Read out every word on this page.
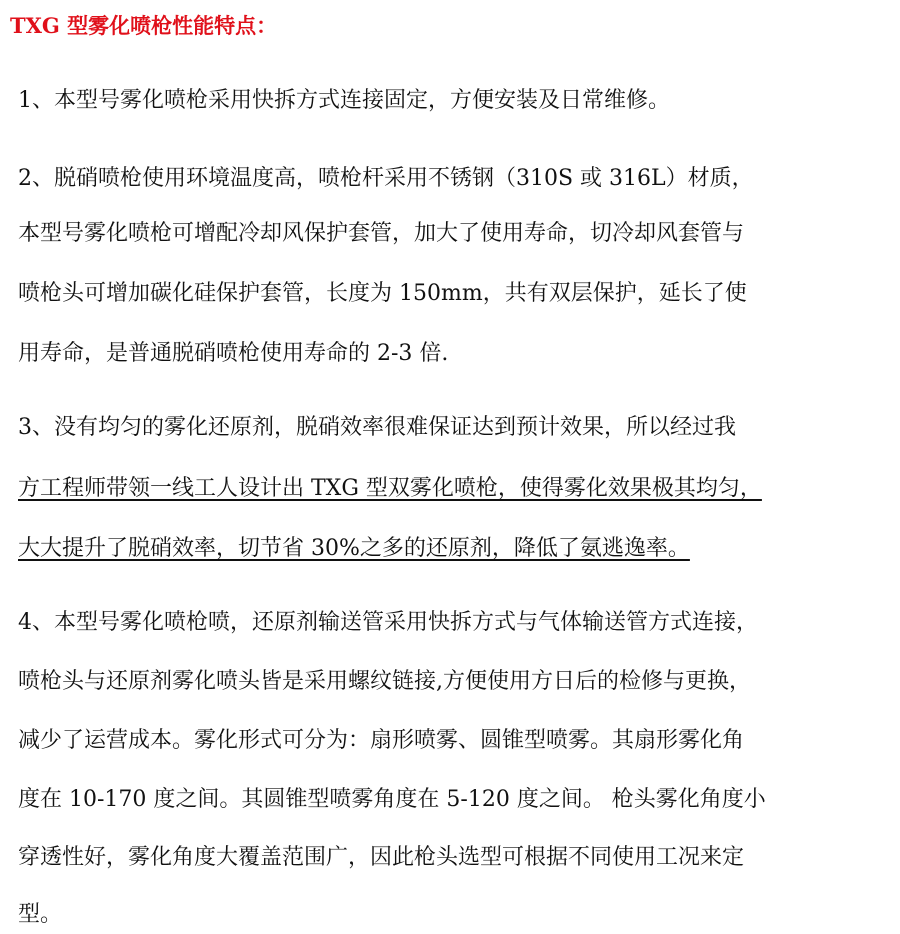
TXG 型雾化喷枪性能特点：
1、本型号雾化喷枪采用快拆方式连接固定，方便安装及日常维修。
2、脱硝喷枪使用环境温度高，喷枪杆采用不锈钢（310S 或 316L）材质，
本型号雾化喷枪可增配冷却风保护套管，加大了使用寿命，切冷却风套管与
喷枪头可增加碳化硅保护套管，长度为 150mm，共有双层保护，延长了使
用寿命，是普通脱硝喷枪使用寿命的 2-3 倍.
3、没有均匀的雾化还原剂，脱硝效率很难保证达到预计效果，所以经过我
方工程师带领一线工人设计出 TXG 型双雾化喷枪，使得雾化效果极其均匀，
大大提升了脱硝效率，切节省 30%之多的还原剂，降低了氨逃逸率。
4、本型号雾化喷枪喷，还原剂输送管采用快拆方式与气体输送管方式连接，
喷枪头与还原剂雾化喷头皆是采用螺纹链接,方便使用方日后的检修与更换，
减少了运营成本。雾化形式可分为：扇形喷雾、圆锥型喷雾。其扇形雾化角
度在 10-170 度之间。其圆锥型喷雾角度在 5-120 度之间。 枪头雾化角度小
穿透性好，雾化角度大覆盖范围广，因此枪头选型可根据不同使用工况来定
型。
